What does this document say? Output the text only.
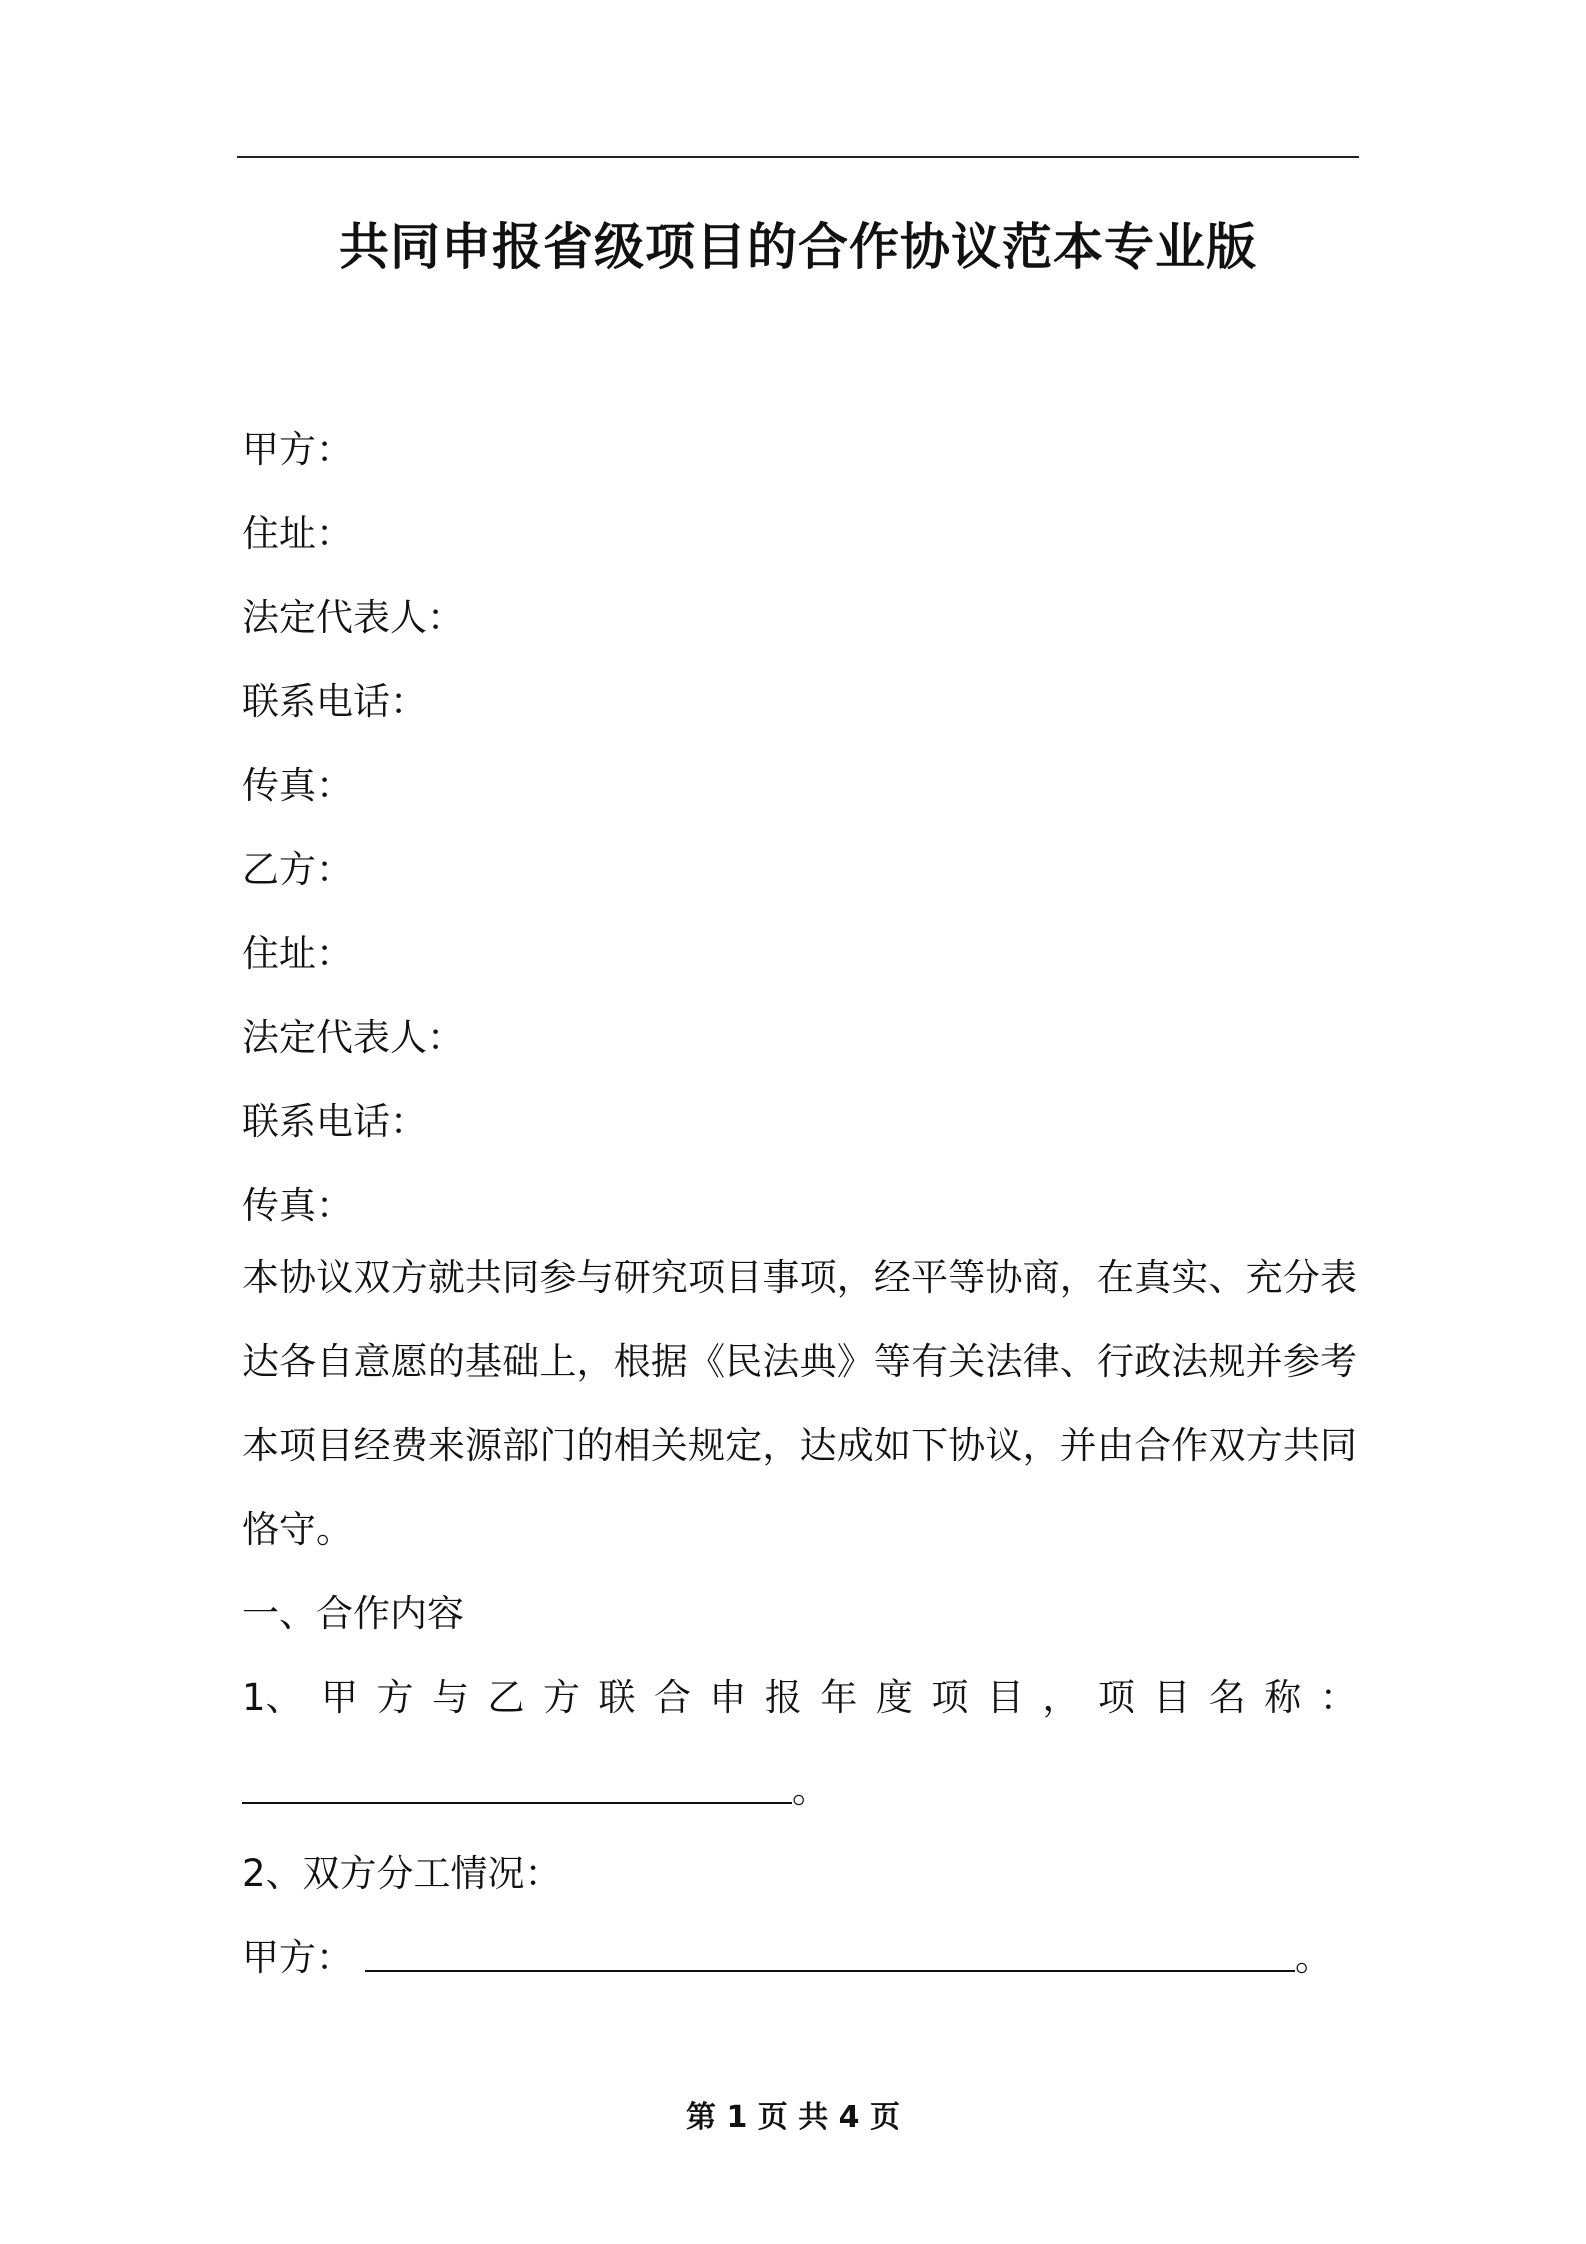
共同申报省级项目的合作协议范本专业版
甲方：
住址：
法定代表人：
联系电话：
传真：
乙方：
住址：
法定代表人：
联系电话：
传真：

本协议双方就共同参与研究项目事项，经平等协商，在真实、充分表达各自意愿的基础上，根据《民法典》等有关法律、行政法规并参考本项目经费来源部门的相关规定，达成如下协议，并由合作双方共同恪守。

一、合作内容
1、 甲 方 与 乙 方 联 合 申 报 年 度 项 目 ， 项 目 名 称 ：
。
2、双方分工情况：
甲方：	。
第 1 页 共 4 页
